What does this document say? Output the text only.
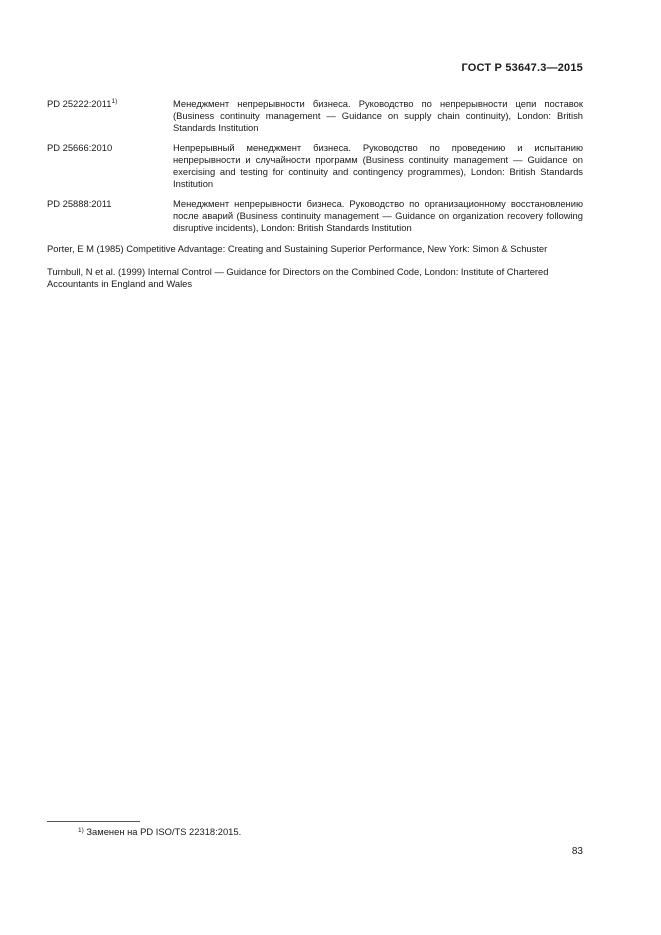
ГОСТ Р 53647.3—2015
PD 25222:2011$^{1)}$	Менеджмент непрерывности бизнеса. Руководство по непрерывности цепи поставок (Business continuity management — Guidance on supply chain continuity), London: British Standards Institution
PD 25666:2010	Непрерывный менеджмент бизнеса. Руководство по проведению и испытанию непрерывности и случайности программ (Business continuity management — Guidance on exercising and testing for continuity and contingency programmes), London: British Standards Institution
PD 25888:2011	Менеджмент непрерывности бизнеса. Руководство по организационному восстановлению после аварий (Business continuity management — Guidance on organization recovery following disruptive incidents), London: British Standards Institution
Porter, E M (1985) Competitive Advantage: Creating and Sustaining Superior Performance, New York: Simon & Schuster
Turnbull, N et al. (1999) Internal Control — Guidance for Directors on the Combined Code, London: Institute of Chartered Accountants in England and Wales
$^{1)}$ Заменен на PD ISO/TS 22318:2015.
83
